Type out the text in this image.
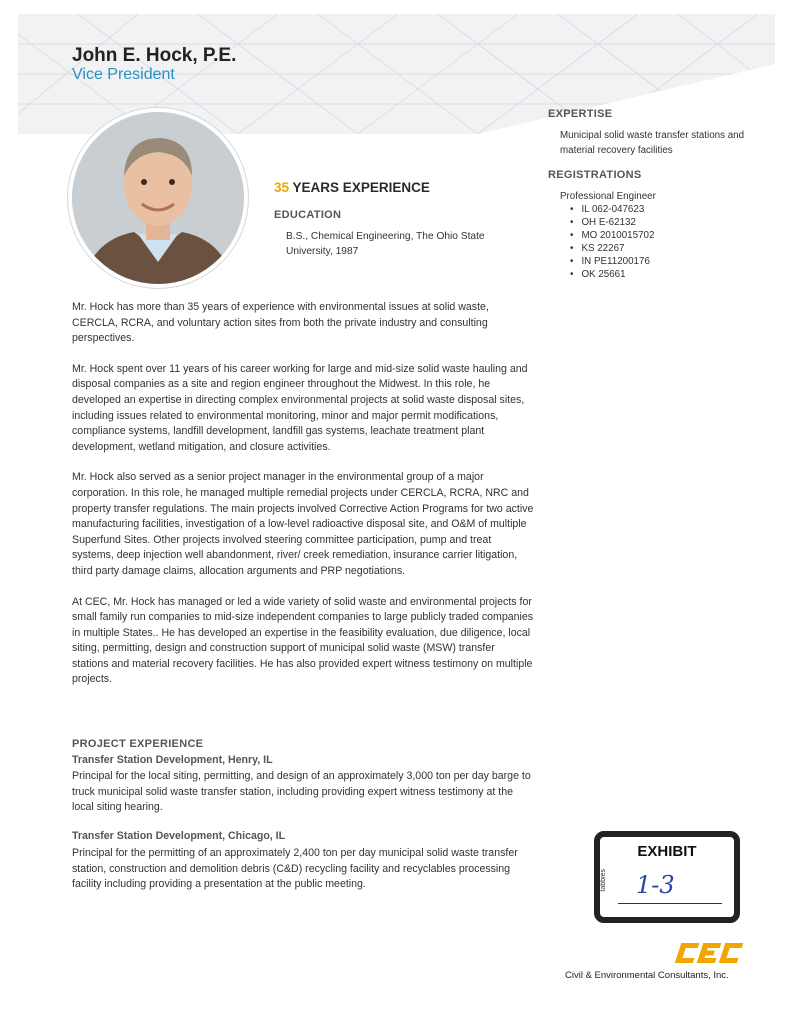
John E. Hock, P.E.
Vice President
35 YEARS EXPERIENCE
EDUCATION
B.S., Chemical Engineering, The Ohio State University, 1987
EXPERTISE
Municipal solid waste transfer stations and material recovery facilities
REGISTRATIONS
Professional Engineer
• IL 062-047623
• OH E-62132
• MO 2010015702
• KS 22267
• IN PE11200176
• OK 25661

Mr. Hock has more than 35 years of experience with environmental issues at solid waste, CERCLA, RCRA, and voluntary action sites from both the private industry and consulting perspectives.

Mr. Hock spent over 11 years of his career working for large and mid-size solid waste hauling and disposal companies as a site and region engineer throughout the Midwest. In this role, he developed an expertise in directing complex environmental projects at solid waste disposal sites, including issues related to environmental monitoring, minor and major permit modifications, compliance systems, landfill development, landfill gas systems, leachate treatment plant development, wetland mitigation, and closure activities.

Mr. Hock also served as a senior project manager in the environmental group of a major corporation. In this role, he managed multiple remedial projects under CERCLA, RCRA, NRC and property transfer regulations. The main projects involved Corrective Action Programs for two active manufacturing facilities, investigation of a low-level radioactive disposal site, and O&M of multiple Superfund Sites. Other projects involved steering committee participation, pump and treat systems, deep injection well abandonment, river/ creek remediation, insurance carrier litigation, third party damage claims, allocation arguments and PRP negotiations.

At CEC, Mr. Hock has managed or led a wide variety of solid waste and environmental projects for small family run companies to mid-size independent companies to large publicly traded companies in multiple States.. He has developed an expertise in the feasibility evaluation, due diligence, local siting, permitting, design and construction support of municipal solid waste (MSW) transfer stations and material recovery facilities. He has also provided expert witness testimony on multiple projects.

PROJECT EXPERIENCE
Transfer Station Development, Henry, IL
Principal for the local siting, permitting, and design of an approximately 3,000 ton per day barge to truck municipal solid waste transfer station, including providing expert witness testimony at the local siting hearing.
Transfer Station Development, Chicago, IL
Principal for the permitting of an approximately 2,400 ton per day municipal solid waste transfer station, construction and demolition debris (C&D) recycling facility and recyclables processing facility including providing a presentation at the public meeting.
EXHIBIT
tabbies 1-3
Civil & Environmental Consultants, Inc.
